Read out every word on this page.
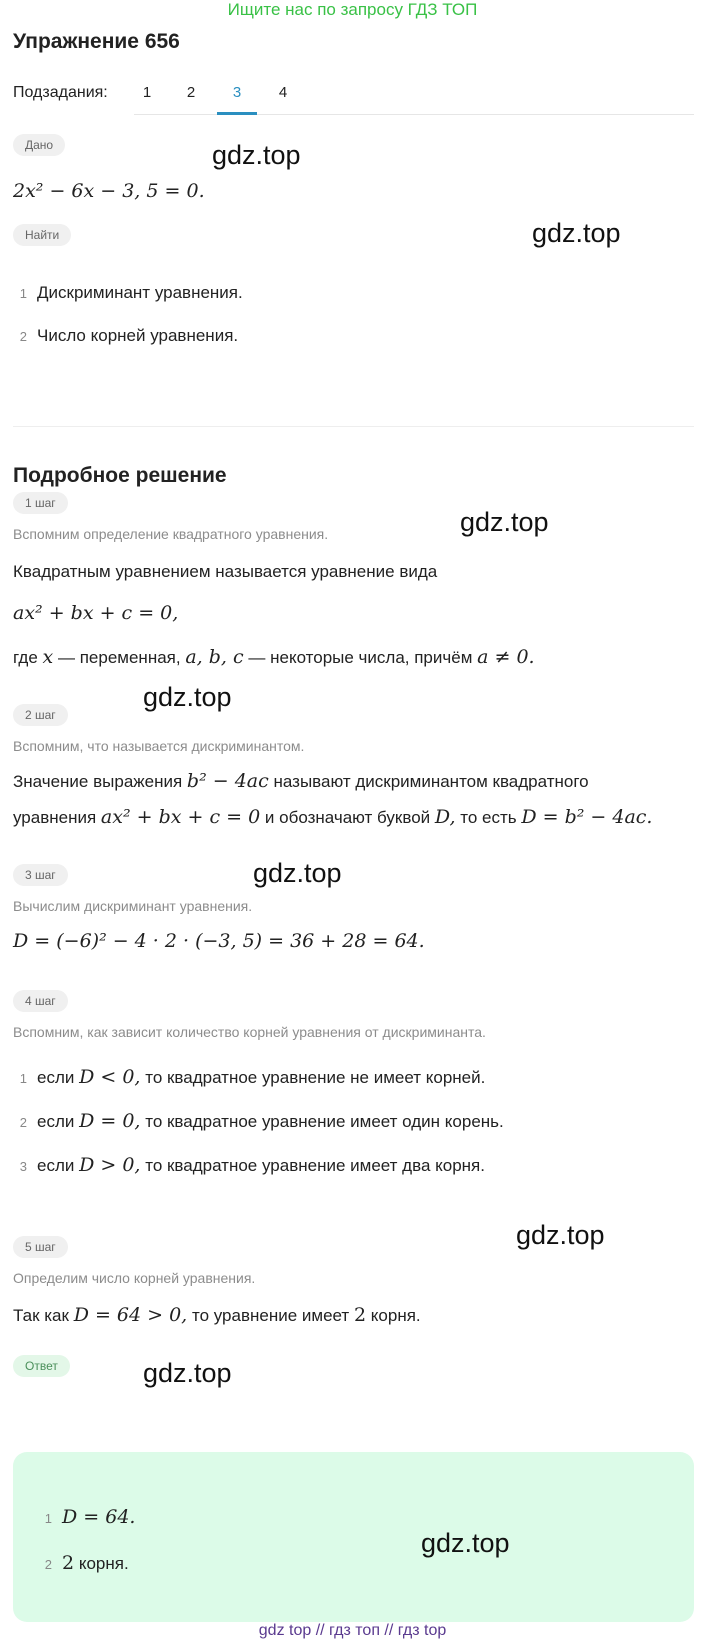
Ищите нас по запросу ГДЗ ТОП
Упражнение 656
Подзадания:	1	2	3	4
Дано
2x² − 6x − 3, 5 = 0.
Найти
1 Дискриминант уравнения.
2 Число корней уравнения.
Подробное решение
1 шаг
Вспомним определение квадратного уравнения.
Квадратным уравнением называется уравнение вида
ax² + bx + c = 0,
где x — переменная, a, b, c — некоторые числа, причём a ≠ 0.
2 шаг
Вспомним, что называется дискриминантом.
Значение выражения b² − 4ac называют дискриминантом квадратного
уравнения ax² + bx + c = 0 и обозначают буквой D, то есть D = b² − 4ac.
3 шаг
Вычислим дискриминант уравнения.
D = (−6)² − 4 · 2 · (−3, 5) = 36 + 28 = 64.
4 шаг
Вспомним, как зависит количество корней уравнения от дискриминанта.
1 если D < 0, то квадратное уравнение не имеет корней.
2 если D = 0, то квадратное уравнение имеет один корень.
3 если D > 0, то квадратное уравнение имеет два корня.
5 шаг
Определим число корней уравнения.
Так как D = 64 > 0, то уравнение имеет 2 корня.
Ответ
1 D = 64.
2 2 корня.
gdz.top
gdz.top
gdz.top
gdz.top
gdz.top
gdz.top
gdz.top
gdz.top
gdz top // гдз топ // гдз top
